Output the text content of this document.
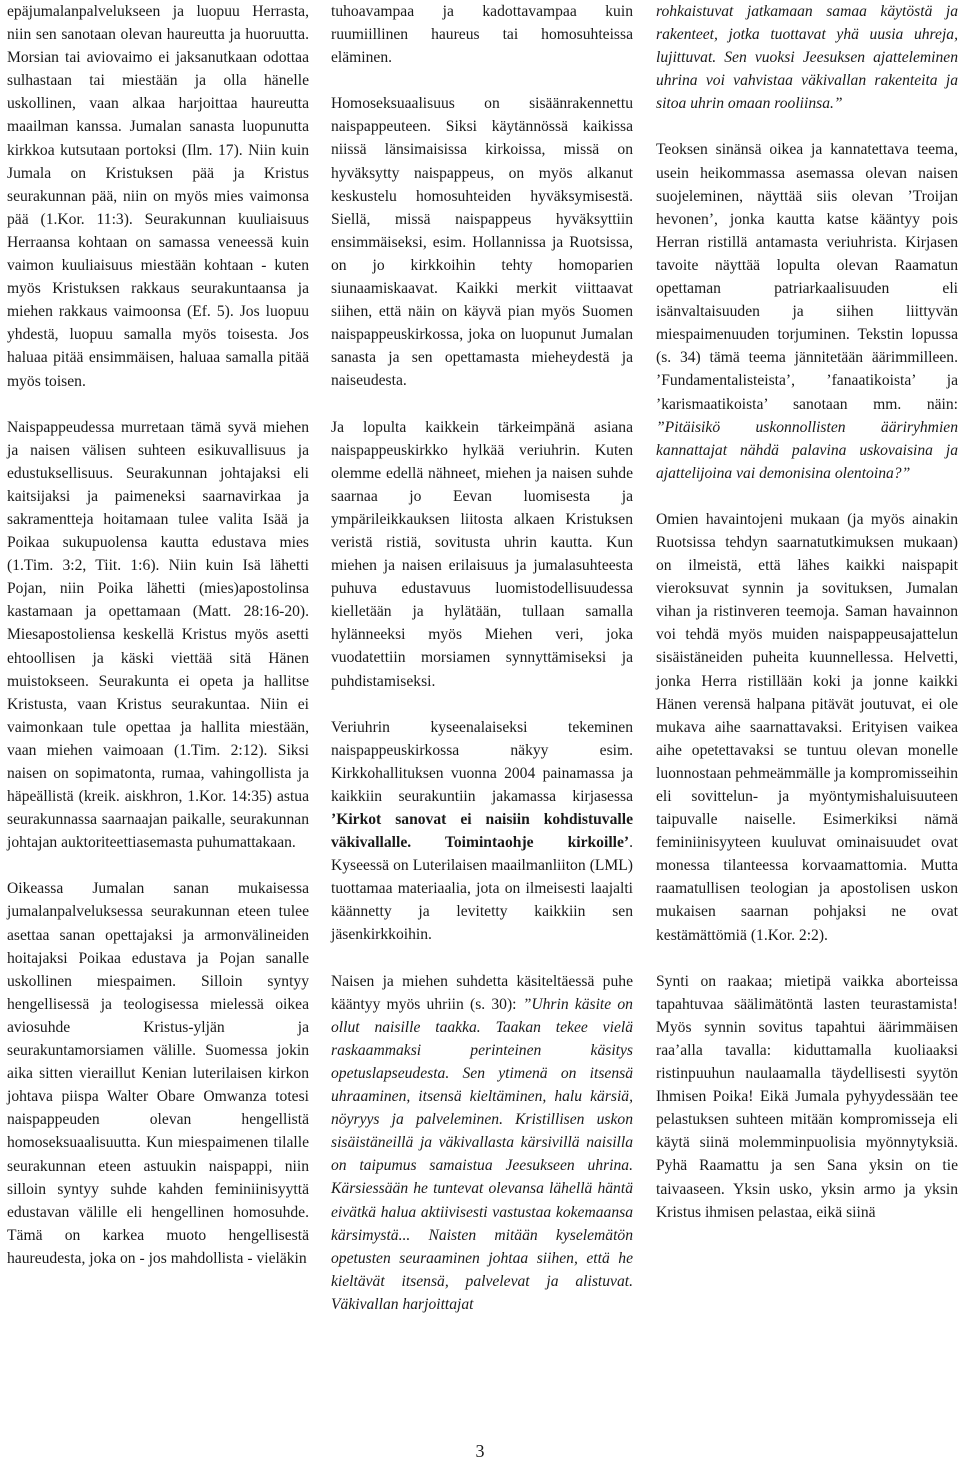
epäjumalanpalvelukseen ja luopuu Herrasta, niin sen sanotaan olevan haureutta ja huoruutta. Morsian tai aviovaimo ei jaksanutkaan odottaa sulhastaan tai miestään ja olla hänelle uskollinen, vaan alkaa harjoittaa haureutta maailman kanssa. Jumalan sanasta luopunutta kirkkoa kutsutaan portoksi (Ilm. 17). Niin kuin Jumala on Kristuksen pää ja Kristus seurakunnan pää, niin on myös mies vaimonsa pää (1.Kor. 11:3). Seurakunnan kuuliaisuus Herraansa kohtaan on samassa veneessä kuin vaimon kuuliaisuus miestään kohtaan - kuten myös Kristuksen rakkaus seurakuntaansa ja miehen rakkaus vaimoonsa (Ef. 5). Jos luopuu yhdestä, luopuu samalla myös toisesta. Jos haluaa pitää ensimmäisen, haluaa samalla pitää myös toisen.

Naispappeudessa murretaan tämä syvä miehen ja naisen välisen suhteen esikuvallisuus ja edustuksellisuus. Seurakunnan johtajaksi eli kaitsijaksi ja paimeneksi saarnavirkaa ja sakramentteja hoitamaan tulee valita Isää ja Poikaa sukupuolensa kautta edustava mies (1.Tim. 3:2, Tiit. 1:6). Niin kuin Isä lähetti Pojan, niin Poika lähetti (mies)apostolinsa kastamaan ja opettamaan (Matt. 28:16-20). Miesapostoliensa keskellä Kristus myös asetti ehtoollisen ja käski viettää sitä Hänen muistokseen. Seurakunta ei opeta ja hallitse Kristusta, vaan Kristus seurakuntaa. Niin ei vaimonkaan tule opettaa ja hallita miestään, vaan miehen vaimoaan (1.Tim. 2:12). Siksi naisen on sopimatonta, rumaa, vahingollista ja häpeällistä (kreik. aiskhron, 1.Kor. 14:35) astua seurakunnassa saarnaajan paikalle, seurakunnan johtajan auktoriteettiasemasta puhumattakaan.

Oikeassa Jumalan sanan mukaisessa jumalanpalveluksessa seurakunnan eteen tulee asettaa sanan opettajaksi ja armonvälineiden hoitajaksi Poikaa edustava ja Pojan sanalle uskollinen miespaimen. Silloin syntyy hengellisessä ja teologisessa mielessä oikea aviosuhde Kristus-yljän ja seurakuntamorsiamen välille. Suomessa jokin aika sitten vieraillut Kenian luterilaisen kirkon johtava piispa Walter Obare Omwanza totesi naispappeuden olevan hengellistä homoseksuaalisuutta. Kun miespaimenen tilalle seurakunnan eteen astuukin naispappi, niin silloin syntyy suhde kahden feminiinisyyttä edustavan välille eli hengellinen homosuhde. Tämä on karkea muoto hengellisestä haureudesta, joka on - jos mahdollista - vieläkin

tuhoavampaa ja kadottavampaa kuin ruumiillinen haureus tai homosuhteissa eläminen.

Homoseksuaalisuus on sisäänrakennettu naispappeuteen. Siksi käytännössä kaikissa niissä länsimaisissa kirkoissa, missä on hyväksytty naispappeus, on myös alkanut keskustelu homosuhteiden hyväksymisestä. Siellä, missä naispappeus hyväksyttiin ensimmäiseksi, esim. Hollannissa ja Ruotsissa, on jo kirkkoihin tehty homoparien siunaamiskaavat. Kaikki merkit viittaavat siihen, että näin on käyvä pian myös Suomen naispappeuskirkossa, joka on luopunut Jumalan sanasta ja sen opettamasta mieheydestä ja naiseudesta.

Ja lopulta kaikkein tärkeimpänä asiana naispappeuskirkko hylkää veriuhrin. Kuten olemme edellä nähneet, miehen ja naisen suhde saarnaa jo Eevan luomisesta ja ympärileikkauksen liitosta alkaen Kristuksen veristä ristiä, sovitusta uhrin kautta. Kun miehen ja naisen erilaisuus ja jumalasuhteesta puhuva edustavuus luomistodellisuudessa kielletään ja hylätään, tullaan samalla hylänneeksi myös Miehen veri, joka vuodatettiin morsiamen synnyttämiseksi ja puhdistamiseksi.

Veriuhrin kyseenalaiseksi tekeminen naispappeuskirkossa näkyy esim. Kirkkohallituksen vuonna 2004 painamassa ja kaikkiin seurakuntiin jakamassa kirjasessa ’Kirkot sanovat ei naisiin kohdistuvalle väkivallalle. Toimintaohje kirkoille’. Kyseessä on Luterilaisen maailmanliiton (LML) tuottamaa materiaalia, jota on ilmeisesti laajalti käännetty ja levitetty kaikkiin sen jäsenkirkkoihin.

Naisen ja miehen suhdetta käsiteltäessä puhe kääntyy myös uhriin (s. 30): ”Uhrin käsite on ollut naisille taakka. Taakan tekee vielä raskaammaksi perinteinen käsitys opetuslapseudesta. Sen ytimenä on itsensä uhraaminen, itsensä kieltäminen, halu kärsiä, nöyryys ja palveleminen. Kristillisen uskon sisäistäneillä ja väkivallasta kärsivillä naisilla on taipumus samaistua Jeesukseen uhrina. Kärsiessään he tuntevat olevansa lähellä häntä eivätkä halua aktiivisesti vastustaa kokemaansa kärsimystä... Naisten mitään kyselemätön opetusten seuraaminen johtaa siihen, että he kieltävät itsensä, palvelevat ja alistuvat. Väkivallan harjoittajat

rohkaistuvat jatkamaan samaa käytöstä ja rakenteet, jotka tuottavat yhä uusia uhreja, lujittuvat. Sen vuoksi Jeesuksen ajatteleminen uhrina voi vahvistaa väkivallan rakenteita ja sitoa uhrin omaan rooliinsa.”

Teoksen sinänsä oikea ja kannatettava teema, usein heikommassa asemassa olevan naisen suojeleminen, näyttää siis olevan ’Troijan hevonen’, jonka kautta katse kääntyy pois Herran ristillä antamasta veriuhrista. Kirjasen tavoite näyttää lopulta olevan Raamatun opettaman patriarkaalisuuden eli isänvaltaisuuden ja siihen liittyvän miespaimenuuden torjuminen. Tekstin lopussa (s. 34) tämä teema jännitetään äärimmilleen. ’Fundamentalisteista’, ’fanaatikoista’ ja ’karismaatikoista’ sanotaan mm. näin: ”Pitäisikö uskonnollisten ääriryhmien kannattajat nähdä palavina uskovaisina ja ajattelijoina vai demonisina olentoina?”

Omien havaintojeni mukaan (ja myös ainakin Ruotsissa tehdyn saarnatutkimuksen mukaan) on ilmeistä, että lähes kaikki naispapit vieroksuvat synnin ja sovituksen, Jumalan vihan ja ristinveren teemoja. Saman havainnon voi tehdä myös muiden naispappeusajattelun sisäistäneiden puheita kuunnellessa. Helvetti, jonka Herra ristillään koki ja jonne kaikki Hänen verensä halpana pitävät joutuvat, ei ole mukava aihe saarnattavaksi. Erityisen vaikea aihe opetettavaksi se tuntuu olevan monelle luonnostaan pehmeämmälle ja kompromisseihin eli sovittelun- ja myöntymishaluisuuteen taipuvalle naiselle. Esimerkiksi nämä feminiinisyyteen kuuluvat ominaisuudet ovat monessa tilanteessa korvaamattomia. Mutta raamatullisen teologian ja apostolisen uskon mukaisen saarnan pohjaksi ne ovat kestämättömiä (1.Kor. 2:2).

Synti on raakaa; mietipä vaikka aborteissa tapahtuvaa säälimätöntä lasten teurastamista! Myös synnin sovitus tapahtui äärimmäisen raa’alla tavalla: kiduttamalla kuoliaaksi ristinpuuhun naulaamalla täydellisesti syytön Ihmisen Poika! Eikä Jumala pyhyydessään tee pelastuksen suhteen mitään kompromisseja eli käytä siinä molemminpuolisia myönnytyksiä. Pyhä Raamattu ja sen Sana yksin on tie taivaaseen. Yksin usko, yksin armo ja yksin Kristus ihmisen pelastaa, eikä siinä

3
